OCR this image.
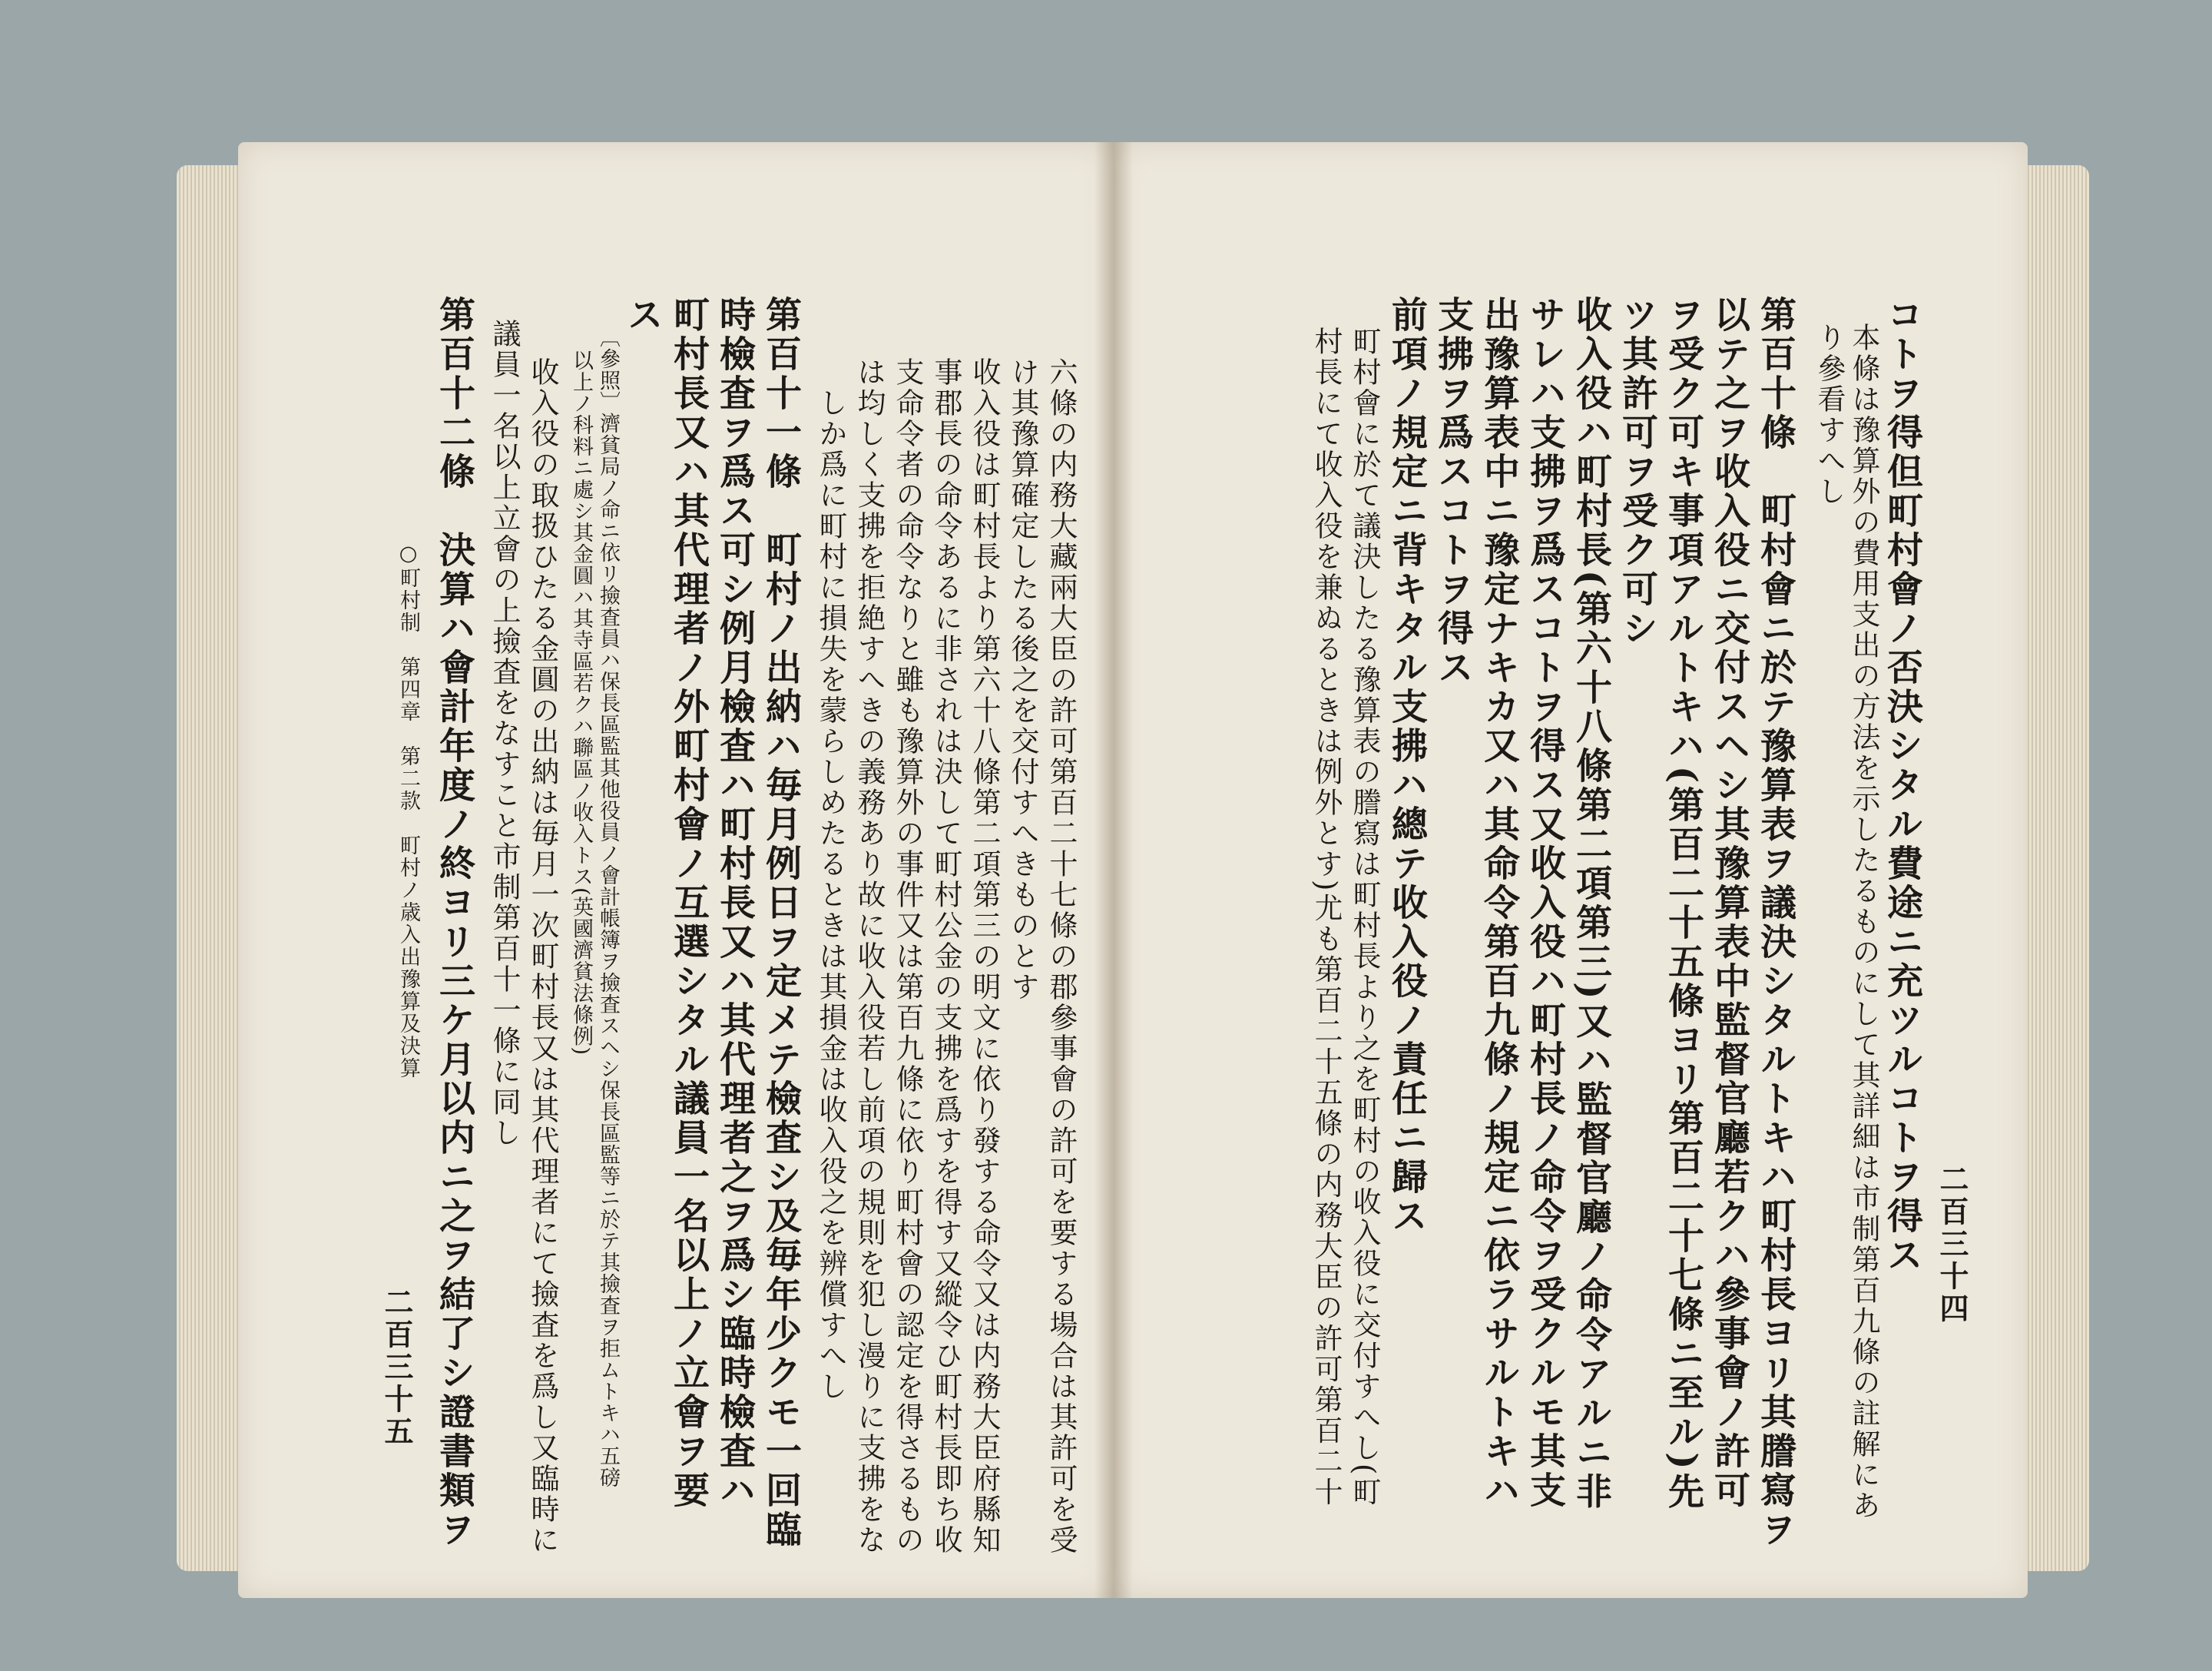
六條の内務大藏兩大臣の許可第百二十七條の郡參事會の許可を要する場合は其許可を受
け其豫算確定したる後之を交付すへきものとす
收入役は町村長より第六十八條第二項第三の明文に依り發する命令又は内務大臣府縣知
事郡長の命令あるに非されは決して町村公金の支拂を爲すを得す又縱令ひ町村長即ち收
支命令者の命令なりと雖も豫算外の事件又は第百九條に依り町村會の認定を得さるもの
は均しく支拂を拒絶すへきの義務あり故に收入役若し前項の規則を犯し漫りに支拂をな
しか爲に町村に損失を蒙らしめたるときは其損金は收入役之を辨償すへし
第百十一條　町村ノ出納ハ毎月例日ヲ定メテ檢査シ及毎年少クモ一回臨
時檢査ヲ爲ス可シ例月檢査ハ町村長又ハ其代理者之ヲ爲シ臨時檢査ハ
町村長又ハ其代理者ノ外町村會ノ互選シタル議員一名以上ノ立會ヲ要
ス
〔參照〕濟貧局ノ命ニ依リ撿査員ハ保長區監其他役員ノ會計帳簿ヲ撿査スヘシ保長區監等ニ於テ其撿査ヲ拒ムトキハ五磅
以上ノ科料ニ處シ其金圓ハ其寺區若クハ聯區ノ收入トス(英國濟貧法條例)
收入役の取扱ひたる金圓の出納は毎月一次町村長又は其代理者にて撿査を爲し又臨時に
議員一名以上立會の上撿査をなすこと市制第百十一條に同し
第百十二條　決算ハ會計年度ノ終ヨリ三ケ月以内ニ之ヲ結了シ證書類ヲ
○町村制　第四章　第二款　町村ノ歳入出豫算及決算
二百三十五
二百三十四
コトヲ得但町村會ノ否決シタル費途ニ充ツルコトヲ得ス
本條は豫算外の費用支出の方法を示したるものにして其詳細は市制第百九條の註解にあ
り參看すへし
第百十條　町村會ニ於テ豫算表ヲ議決シタルトキハ町村長ヨリ其謄寫ヲ
以テ之ヲ收入役ニ交付スヘシ其豫算表中監督官廳若クハ參事會ノ許可
ヲ受ク可キ事項アルトキハ(第百二十五條ヨリ第百二十七條ニ至ル)先
ツ其許可ヲ受ク可シ
收入役ハ町村長(第六十八條第二項第三)又ハ監督官廳ノ命令アルニ非
サレハ支拂ヲ爲スコトヲ得ス又收入役ハ町村長ノ命令ヲ受クルモ其支
出豫算表中ニ豫定ナキカ又ハ其命令第百九條ノ規定ニ依ラサルトキハ
支拂ヲ爲スコトヲ得ス
前項ノ規定ニ背キタル支拂ハ總テ收入役ノ責任ニ歸ス
町村會に於て議決したる豫算表の謄寫は町村長より之を町村の收入役に交付すへし(町
村長にて收入役を兼ぬるときは例外とす)尤も第百二十五條の内務大臣の許可第百二十
